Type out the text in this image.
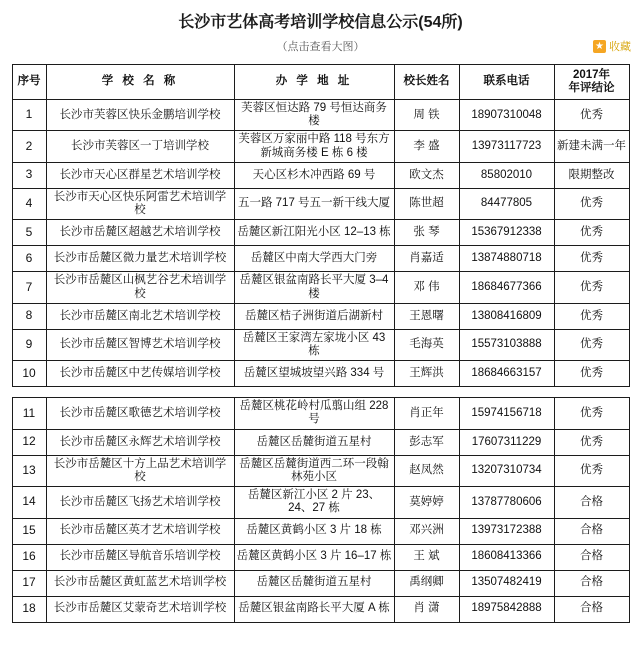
长沙市艺体高考培训学校信息公示(54所)
（点击查看大图）	★ 收藏
序号	学 校 名 称	办 学 地 址	校长姓名	联系电话	2017年
年评结论

1	长沙市芙蓉区快乐金鹏培训学校	芙蓉区恒达路 79 号恒达商务楼	周 铁	18907310048	优秀
2	长沙市芙蓉区一丁培训学校	芙蓉区万家丽中路 118 号东方新城商务楼 E 栋 6 楼	李 盛	13973117723	新建未满一年
3	长沙市天心区群星艺术培训学校	天心区杉木冲西路 69 号	欧文杰	85802010	限期整改
4	长沙市天心区快乐阿雷艺术培训学校	五一路 717 号五一新干线大厦	陈世超	84477805	优秀
5	长沙市岳麓区超越艺术培训学校	岳麓区新江阳光小区 12–13 栋	张 琴	15367912338	优秀
6	长沙市岳麓区微力量艺术培训学校	岳麓区中南大学西大门旁	肖嘉适	13874880718	优秀
7	长沙市岳麓区山枫艺谷艺术培训学校	岳麓区银盆南路长平大厦 3–4 楼	邓 伟	18684677366	优秀
8	长沙市岳麓区南北艺术培训学校	岳麓区桔子洲街道后湖新村	王恩曙	13808416809	优秀
9	长沙市岳麓区智博艺术培训学校	岳麓区王家湾左家垅小区 43 栋	毛海英	15573103888	优秀
10	长沙市岳麓区中艺传媒培训学校	岳麓区望城坡望兴路 334 号	王辉洪	18684663157	优秀

11	长沙市岳麓区歌德艺术培训学校	岳麓区桃花岭村瓜翦山组 228 号	肖正年	15974156718	优秀
12	长沙市岳麓区永辉艺术培训学校	岳麓区岳麓街道五星村	彭志军	17607311229	优秀
13	长沙市岳麓区十方上品艺术培训学校	岳麓区岳麓街道西二环一段翰林苑小区	赵凤然	13207310734	优秀
14	长沙市岳麓区飞扬艺术培训学校	岳麓区新江小区 2 片 23、24、27 栋	莫婷婷	13787780606	合格
15	长沙市岳麓区英才艺术培训学校	岳麓区黄鹤小区 3 片 18 栋	邓兴洲	13973172388	合格
16	长沙市岳麓区导航音乐培训学校	岳麓区黄鹤小区 3 片 16–17 栋	王 斌	18608413366	合格
17	长沙市岳麓区黄虹蓝艺术培训学校	岳麓区岳麓街道五星村	禹纲卿	13507482419	合格
18	长沙市岳麓区艾蒙奇艺术培训学校	岳麓区银盆南路长平大厦 A 栋	肖 潇	18975842888	合格
